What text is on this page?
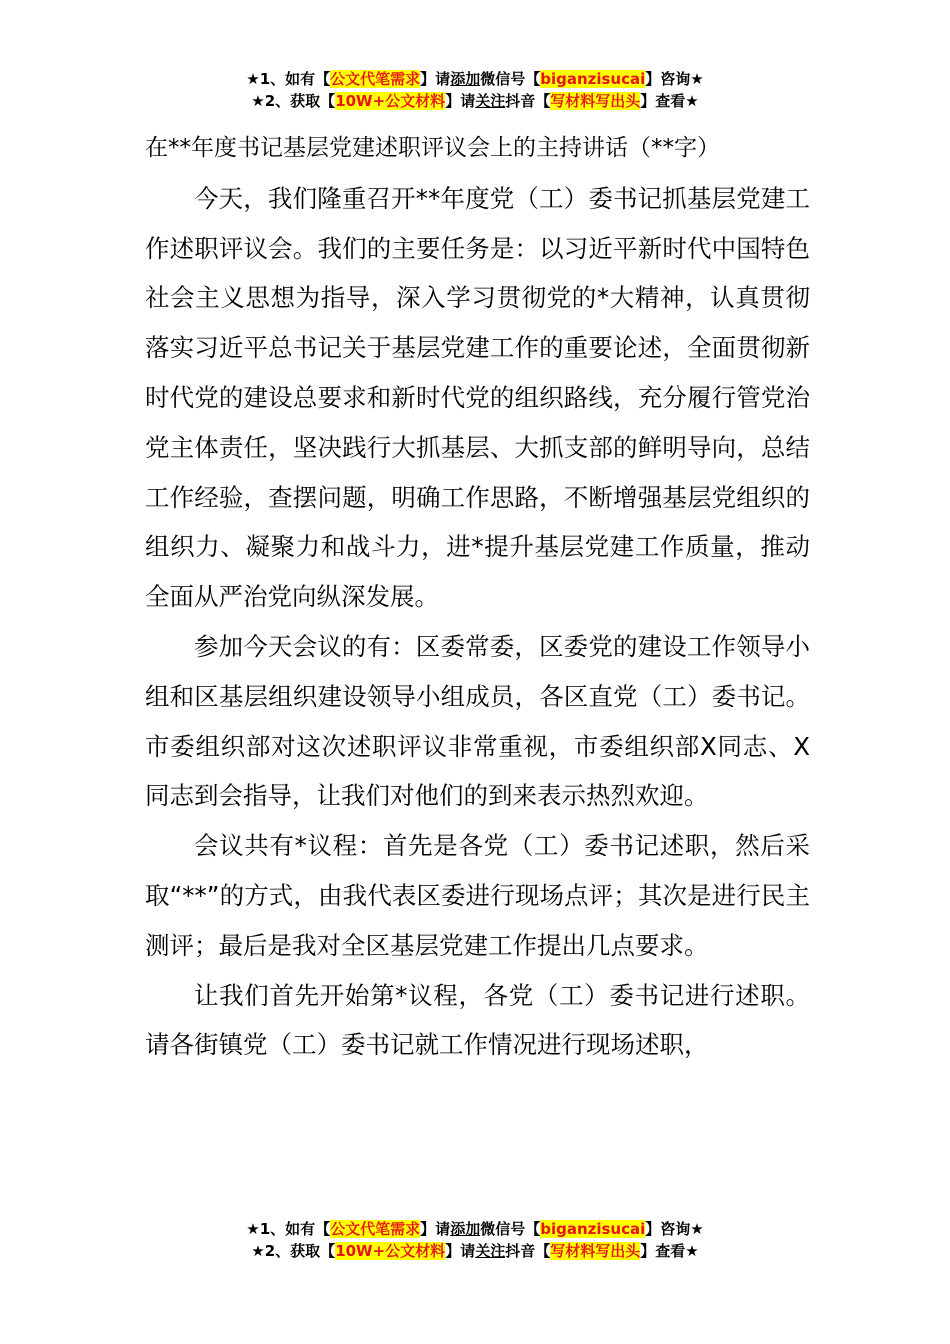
★1、如有【公文代笔需求】请添加微信号【biganzisucai】咨询★
★2、获取【10W+公文材料】请关注抖音【写材料写出头】查看★

在**年度书记基层党建述职评议会上的主持讲话（**字）

今天，我们隆重召开**年度党（工）委书记抓基层党建工作述职评议会。我们的主要任务是：以习近平新时代中国特色社会主义思想为指导，深入学习贯彻党的*大精神，认真贯彻落实习近平总书记关于基层党建工作的重要论述，全面贯彻新时代党的建设总要求和新时代党的组织路线，充分履行管党治党主体责任，坚决践行大抓基层、大抓支部的鲜明导向，总结工作经验，查摆问题，明确工作思路，不断增强基层党组织的组织力、凝聚力和战斗力，进*提升基层党建工作质量，推动全面从严治党向纵深发展。

参加今天会议的有：区委常委，区委党的建设工作领导小组和区基层组织建设领导小组成员，各区直党（工）委书记。市委组织部对这次述职评议非常重视，市委组织部X同志、X同志到会指导，让我们对他们的到来表示热烈欢迎。

会议共有*议程：首先是各党（工）委书记述职，然后采取“**”的方式，由我代表区委进行现场点评；其次是进行民主测评；最后是我对全区基层党建工作提出几点要求。

让我们首先开始第*议程，各党（工）委书记进行述职。请各街镇党（工）委书记就工作情况进行现场述职，

★1、如有【公文代笔需求】请添加微信号【biganzisucai】咨询★
★2、获取【10W+公文材料】请关注抖音【写材料写出头】查看★
